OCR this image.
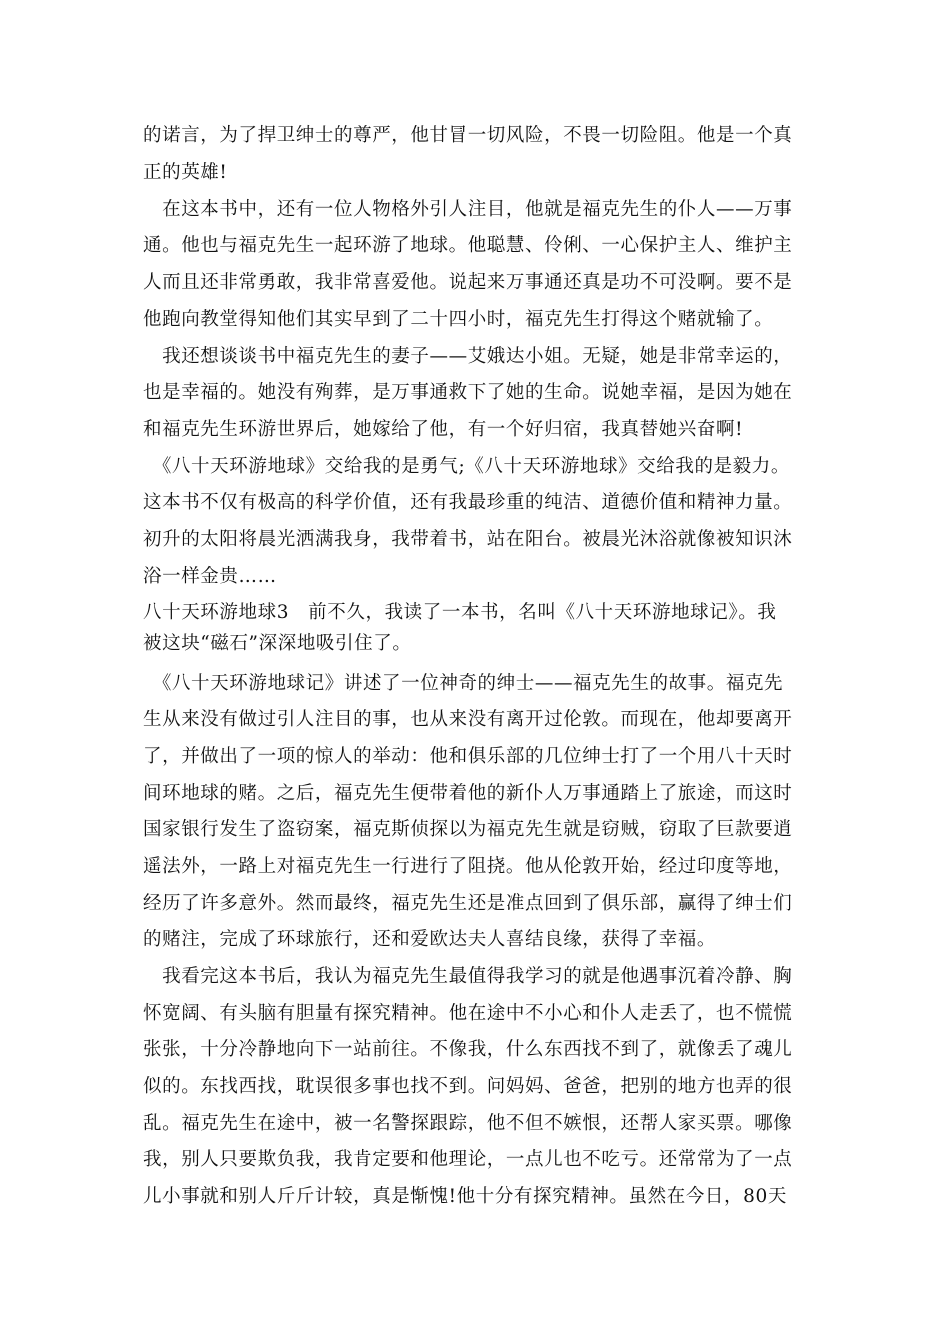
的诺言，为了捍卫绅士的尊严，他甘冒一切风险，不畏一切险阻。他是一个真
正的英雄!
　在这本书中，还有一位人物格外引人注目，他就是福克先生的仆人——万事
通。他也与福克先生一起环游了地球。他聪慧、伶俐、一心保护主人、维护主
人而且还非常勇敢，我非常喜爱他。说起来万事通还真是功不可没啊。要不是
他跑向教堂得知他们其实早到了二十四小时，福克先生打得这个赌就输了。
　我还想谈谈书中福克先生的妻子——艾娥达小姐。无疑，她是非常幸运的，
也是幸福的。她没有殉葬，是万事通救下了她的生命。说她幸福，是因为她在
和福克先生环游世界后，她嫁给了他，有一个好归宿，我真替她兴奋啊!
　《八十天环游地球》交给我的是勇气;《八十天环游地球》交给我的是毅力。
这本书不仅有极高的科学价值，还有我最珍重的纯洁、道德价值和精神力量。
初升的太阳将晨光洒满我身，我带着书，站在阳台。被晨光沐浴就像被知识沐
浴一样金贵……
八十天环游地球3　前不久，我读了一本书，名叫《八十天环游地球记》。我
被这块“磁石”深深地吸引住了。
　《八十天环游地球记》讲述了一位神奇的绅士——福克先生的故事。福克先
生从来没有做过引人注目的事，也从来没有离开过伦敦。而现在，他却要离开
了，并做出了一项的惊人的举动：他和俱乐部的几位绅士打了一个用八十天时
间环地球的赌。之后，福克先生便带着他的新仆人万事通踏上了旅途，而这时
国家银行发生了盗窃案，福克斯侦探以为福克先生就是窃贼，窃取了巨款要逍
遥法外，一路上对福克先生一行进行了阻挠。他从伦敦开始，经过印度等地，
经历了许多意外。然而最终，福克先生还是准点回到了俱乐部，赢得了绅士们
的赌注，完成了环球旅行，还和爱欧达夫人喜结良缘，获得了幸福。
　我看完这本书后，我认为福克先生最值得我学习的就是他遇事沉着冷静、胸
怀宽阔、有头脑有胆量有探究精神。他在途中不小心和仆人走丢了，也不慌慌
张张，十分冷静地向下一站前往。不像我，什么东西找不到了，就像丢了魂儿
似的。东找西找，耽误很多事也找不到。问妈妈、爸爸，把别的地方也弄的很
乱。福克先生在途中，被一名警探跟踪，他不但不嫉恨，还帮人家买票。哪像
我，别人只要欺负我，我肯定要和他理论，一点儿也不吃亏。还常常为了一点
儿小事就和别人斤斤计较，真是惭愧!他十分有探究精神。虽然在今日，80天
